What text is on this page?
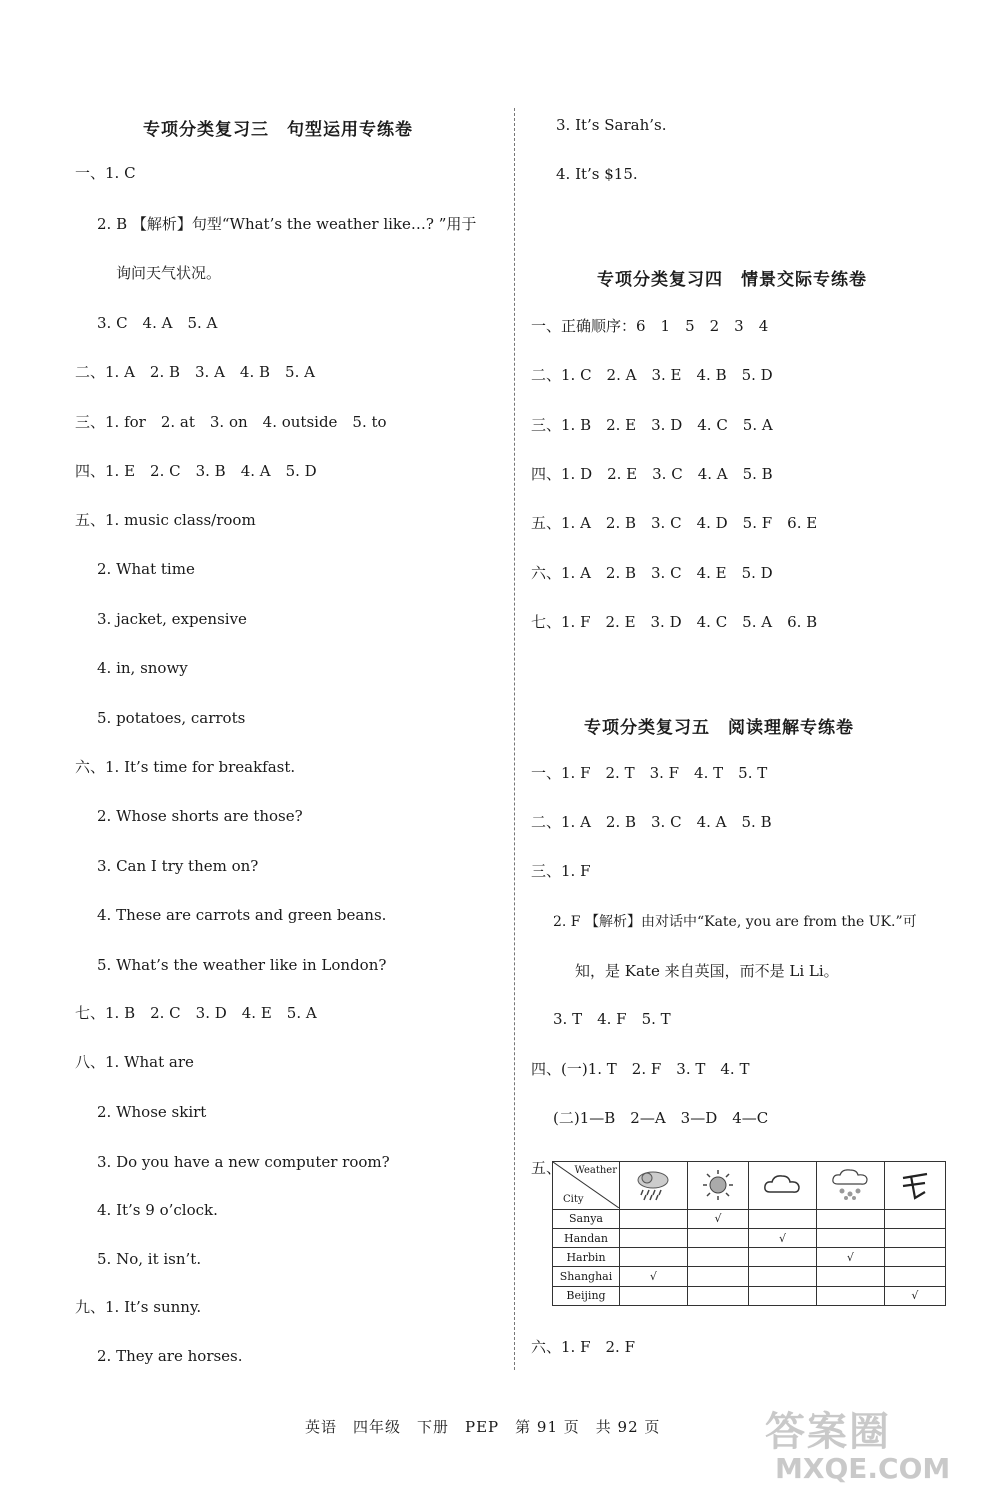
专项分类复习三　句型运用专练卷
一、1. C
2. B 【解析】句型“What’s the weather like…? ”用于
询问天气状况。
3. C　4. A　5. A
二、1. A　2. B　3. A　4. B　5. A
三、1. for　2. at　3. on　4. outside　5. to
四、1. E　2. C　3. B　4. A　5. D
五、1. music class/room
2. What time
3. jacket, expensive
4. in, snowy
5. potatoes, carrots
六、1. It’s time for breakfast.
2. Whose shorts are those?
3. Can I try them on?
4. These are carrots and green beans.
5. What’s the weather like in London?
七、1. B　2. C　3. D　4. E　5. A
八、1. What are
2. Whose skirt
3. Do you have a new computer room?
4. It’s 9 o’clock.
5. No, it isn’t.
九、1. It’s sunny.
2. They are horses.
3. It’s Sarah’s.
4. It’s $15.
专项分类复习四　情景交际专练卷
一、正确顺序：6　1　5　2　3　4
二、1. C　2. A　3. E　4. B　5. D
三、1. B　2. E　3. D　4. C　5. A
四、1. D　2. E　3. C　4. A　5. B
五、1. A　2. B　3. C　4. D　5. F　6. E
六、1. A　2. B　3. C　4. E　5. D
七、1. F　2. E　3. D　4. C　5. A　6. B
专项分类复习五　阅读理解专练卷
一、1. F　2. T　3. F　4. T　5. T
二、1. A　2. B　3. C　4. A　5. B
三、1. F
2. F 【解析】由对话中“Kate, you are from the UK.”可
知，是 Kate 来自英国，而不是 Li Li。
3. T　4. F　5. T
四、(一)1. T　2. F　3. T　4. T
(二)1—B　2—A　3—D　4—C
五、 Weather
City

Sanya		√			
Handan			√		
Harbin				√	
Shanghai	√				
Beijing					√
六、1. F　2. F
英语　四年级　下册　PEP　第 91 页　共 92 页	答案圈
MXQE.COM
